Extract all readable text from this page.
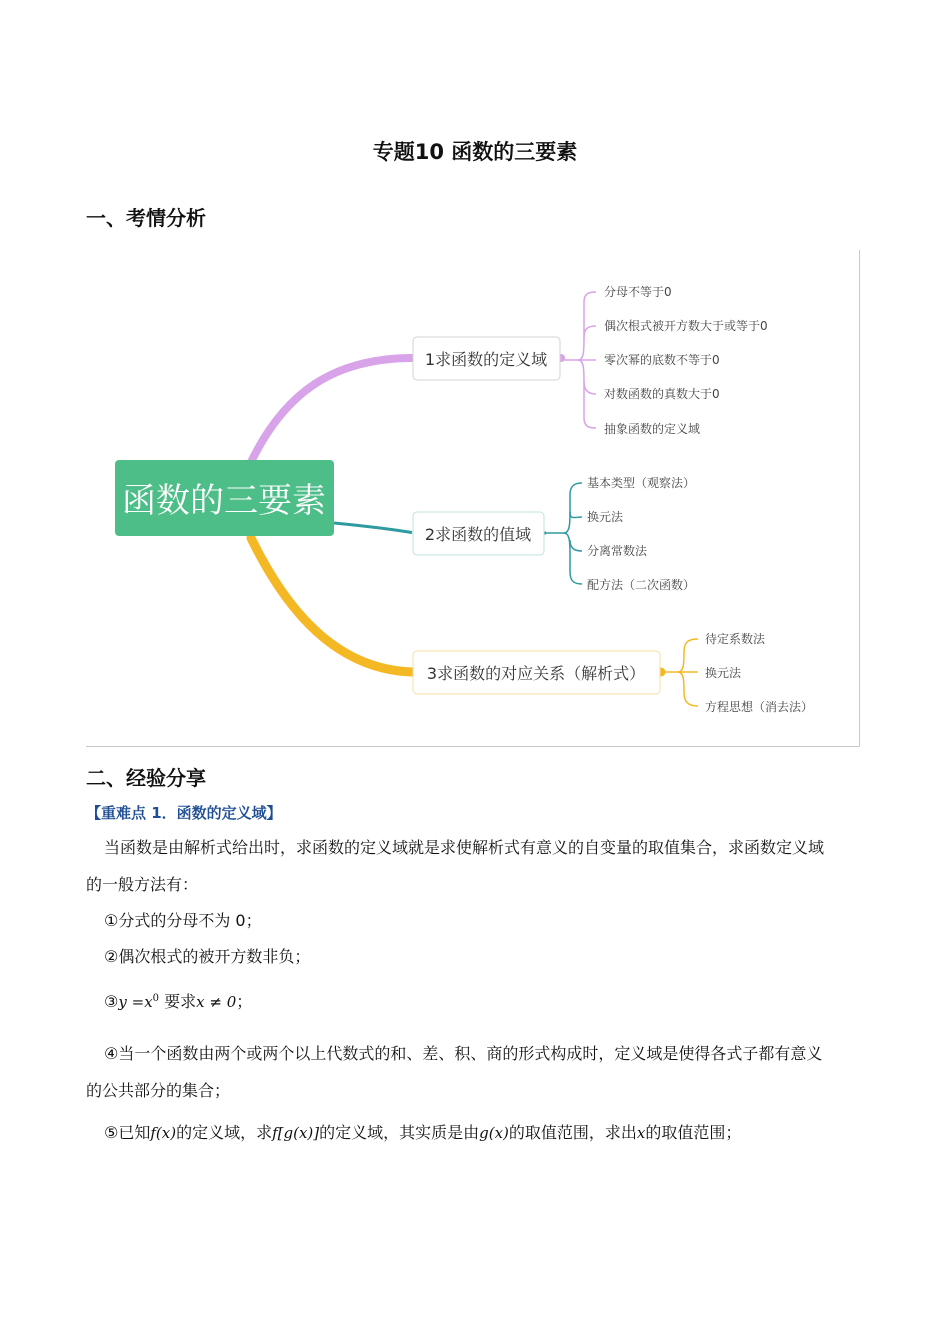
专题10 函数的三要素
一、考情分析
函数的三要素
1求函数的定义域
2求函数的值域
3求函数的对应关系（解析式）
分母不等于0
偶次根式被开方数大于或等于0
零次幂的底数不等于0
对数函数的真数大于0
抽象函数的定义域
基本类型（观察法）
换元法
分离常数法
配方法（二次函数）
待定系数法
换元法
方程思想（消去法）
二、经验分享
【重难点 1．函数的定义域】
当函数是由解析式给出时，求函数的定义域就是求使解析式有意义的自变量的取值集合，求函数定义域
的一般方法有：
①分式的分母不为 0；
②偶次根式的被开方数非负；
③y $=x^0$ 要求x ≠ 0；
④当一个函数由两个或两个以上代数式的和、差、积、商的形式构成时，定义域是使得各式子都有意义
的公共部分的集合；
⑤已知f(x)的定义域，求f[g(x)]的定义域，其实质是由g(x)的取值范围，求出x的取值范围；
